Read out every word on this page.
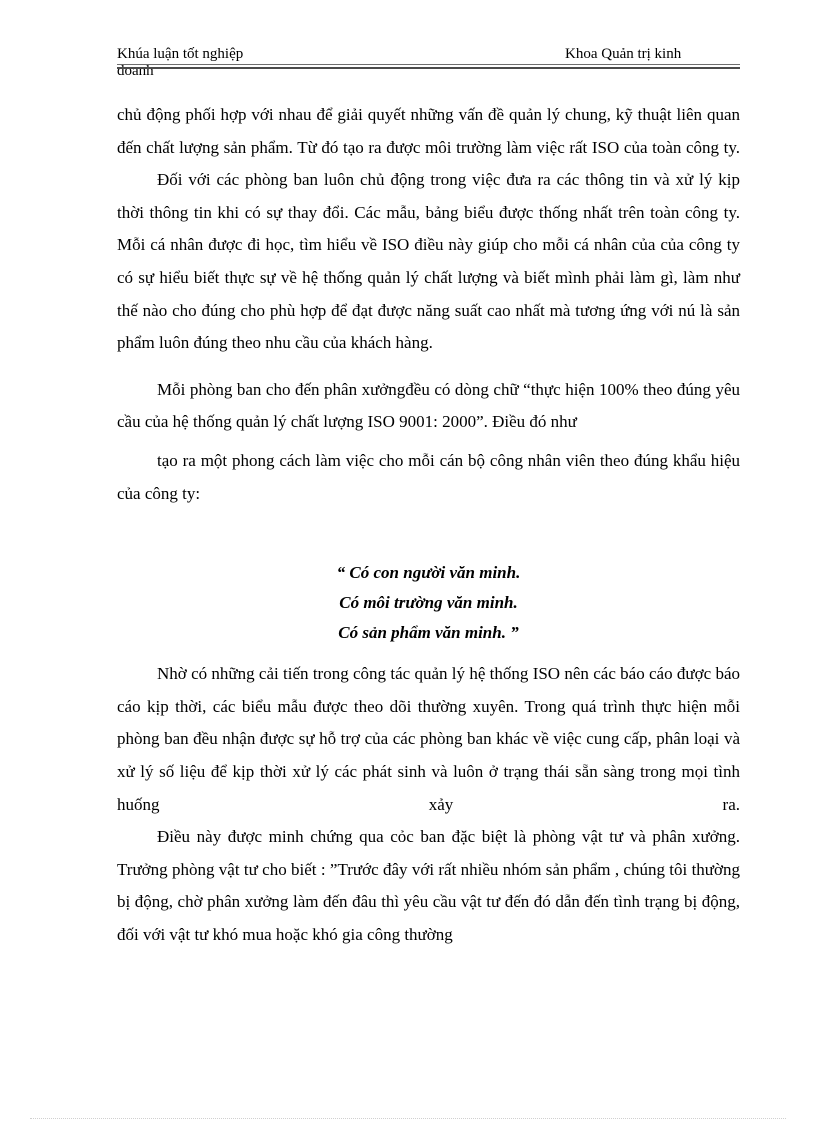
Khúa luận tốt nghiệp	Khoa Quản trị kinh
doanh

chủ động phối hợp với nhau để giải quyết những vấn đề quản lý chung, kỹ thuật liên quan đến chất lượng sản phẩm. Từ đó tạo ra được môi trường làm việc rất ISO của toàn công ty.

Đối với các phòng ban luôn chủ động trong việc đưa ra các thông tin và xử lý kịp thời thông tin khi có sự thay đổi. Các mẫu, bảng biểu được thống nhất trên toàn công ty. Mỗi cá nhân được đi học, tìm hiểu về ISO điều này giúp cho mỗi cá nhân của của công ty có sự hiểu biết thực sự về hệ thống quản lý chất lượng và biết mình phải làm gì, làm như thế nào cho đúng cho phù hợp để đạt được năng suất cao nhất mà tương ứng với nú là sản phẩm luôn đúng theo nhu cầu của khách hàng.

Mỗi phòng ban cho đến phân xưởngđều có dòng chữ “thực hiện 100% theo đúng yêu cầu của hệ thống quản lý chất lượng ISO 9001: 2000”. Điều đó như

tạo ra một phong cách làm việc cho mỗi cán bộ công nhân viên theo đúng khẩu hiệu của công ty:

“ Có con người văn minh.
Có môi trường văn minh.
Có sản phẩm văn minh. ”

Nhờ có những cải tiến trong công tác quản lý hệ thống ISO nên các báo cáo được báo cáo kịp thời, các biểu mẫu được theo dõi thường xuyên. Trong quá trình thực hiện mỗi phòng ban đều nhận được sự hỗ trợ của các phòng ban khác về việc cung cấp, phân loại và xử lý số liệu để kịp thời xử lý các phát sinh và luôn ở trạng thái sẵn sàng trong mọi tình huống xảy ra.

Điều này được minh chứng qua cỏc ban đặc biệt là phòng vật tư và phân xưởng. Trưởng phòng vật tư cho biết : ”Trước đây với rất nhiều nhóm sản phẩm , chúng tôi thường bị động, chờ phân xưởng làm đến đâu thì yêu cầu vật tư đến đó dẫn đến tình trạng bị động, đối với vật tư khó mua hoặc khó gia công thường
